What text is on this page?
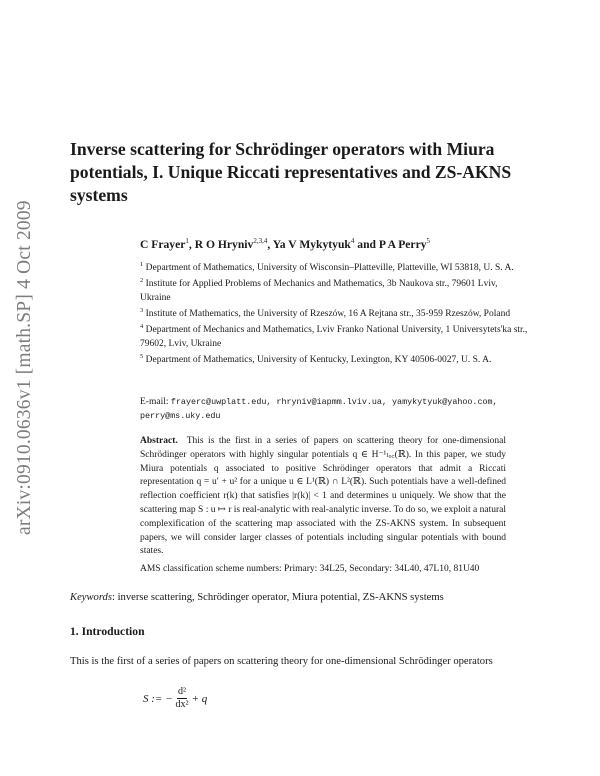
arXiv:0910.0636v1 [math.SP] 4 Oct 2009
Inverse scattering for Schrödinger operators with Miura potentials, I. Unique Riccati representatives and ZS-AKNS systems
C Frayer$^1$, R O Hryniv$^{2,3,4}$, Ya V Mykytyuk$^4$ and P A Perry$^5$
$^1$ Department of Mathematics, University of Wisconsin–Platteville, Platteville, WI 53818, U. S. A.
$^2$ Institute for Applied Problems of Mechanics and Mathematics, 3b Naukova str., 79601 Lviv, Ukraine
$^3$ Institute of Mathematics, the University of Rzeszów, 16 A Rejtana str., 35-959 Rzeszów, Poland
$^4$ Department of Mechanics and Mathematics, Lviv Franko National University, 1 Universytets'ka str., 79602, Lviv, Ukraine
$^5$ Department of Mathematics, University of Kentucky, Lexington, KY 40506-0027, U. S. A.
E-mail: frayerc@uwplatt.edu, rhryniv@iapmm.lviv.ua, yamykytyuk@yahoo.com, perry@ms.uky.edu

Abstract. This is the first in a series of papers on scattering theory for one-dimensional Schrödinger operators with highly singular potentials q ∈ H⁻¹ₗₒ꜀(ℝ). In this paper, we study Miura potentials q associated to positive Schrödinger operators that admit a Riccati representation q = u′ + u² for a unique u ∈ L¹(ℝ) ∩ L²(ℝ). Such potentials have a well-defined reflection coefficient r(k) that satisfies |r(k)| < 1 and determines u uniquely. We show that the scattering map S : u ↦ r is real-analytic with real-analytic inverse. To do so, we exploit a natural complexification of the scattering map associated with the ZS-AKNS system. In subsequent papers, we will consider larger classes of potentials including singular potentials with bound states.

AMS classification scheme numbers: Primary: 34L25, Secondary: 34L40, 47L10, 81U40
Keywords: inverse scattering, Schrödinger operator, Miura potential, ZS-AKNS systems
1. Introduction
This is the first of a series of papers on scattering theory for one-dimensional Schrödinger operators
S := − $\frac{\text{d²}}{\text{dx²}} + q$
